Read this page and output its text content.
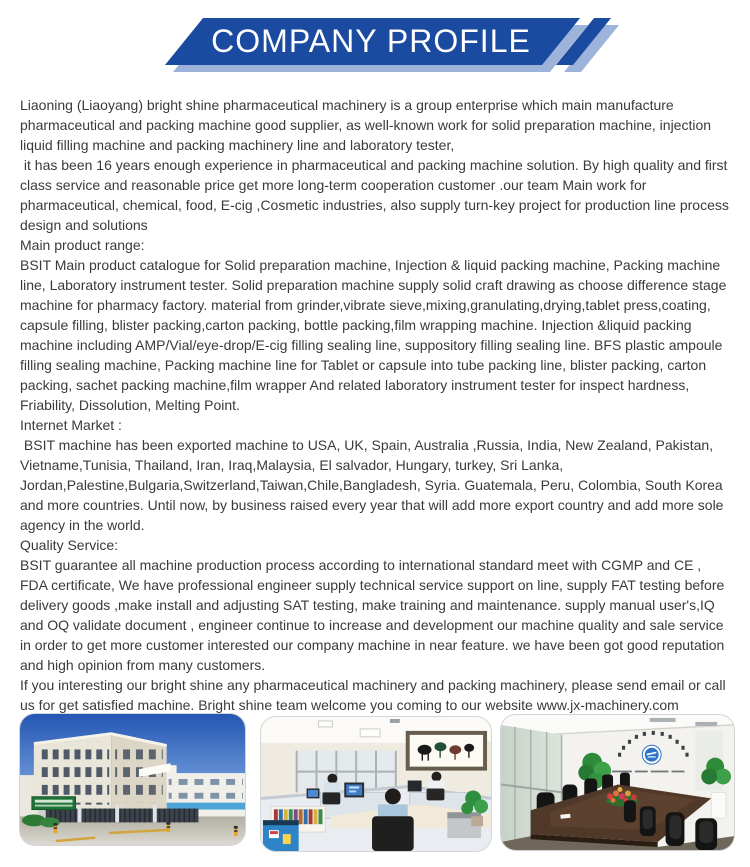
COMPANY PROFILE

Liaoning (Liaoyang) bright shine pharmaceutical machinery is a group enterprise which main manufacture pharmaceutical and packing machine good supplier, as well-known work for solid preparation machine, injection liquid filling machine and packing machinery line and laboratory tester,

it has been 16 years enough experience in pharmaceutical and packing machine solution. By high quality and first class service and reasonable price get more long-term cooperation customer .our team Main work for pharmaceutical, chemical, food, E-cig ,Cosmetic industries, also supply turn-key project for production line process design and solutions

Main product range:

BSIT Main product catalogue for Solid preparation machine, Injection & liquid packing machine, Packing machine line, Laboratory instrument tester. Solid preparation machine supply solid craft drawing as choose difference stage machine for pharmacy factory. material from grinder,vibrate sieve,mixing,granulating,drying,tablet press,coating, capsule filling, blister packing,carton packing, bottle packing,film wrapping machine. Injection &liquid packing machine including AMP/Vial/eye-drop/E-cig filling sealing line, suppository filling sealing line. BFS plastic ampoule filling sealing machine, Packing machine line for Tablet or capsule into tube packing line, blister packing, carton packing, sachet packing machine,film wrapper And related laboratory instrument tester for inspect hardness, Friability, Dissolution, Melting Point.

Internet Market :

BSIT machine has been exported machine to USA, UK, Spain, Australia ,Russia, India, New Zealand, Pakistan, Vietname,Tunisia, Thailand, Iran, Iraq,Malaysia, El salvador, Hungary, turkey, Sri Lanka,

Jordan,Palestine,Bulgaria,Switzerland,Taiwan,Chile,Bangladesh, Syria. Guatemala, Peru, Colombia, South Korea and more countries. Until now, by business raised every year that will add more export country and add more sole agency in the world.

Quality Service:

BSIT guarantee all machine production process according to international standard meet with CGMP and CE , FDA certificate, We have professional engineer supply technical service support on line, supply FAT testing before delivery goods ,make install and adjusting SAT testing, make training and maintenance. supply manual user's,IQ and OQ validate document , engineer continue to increase and development our machine quality and sale service in order to get more customer interested our company machine in near feature. we have been got good reputation and high opinion from many customers.

If you interesting our bright shine any pharmaceutical machinery and packing machinery, please send email or call us for get satisfied machine. Bright shine team welcome you coming to our website www.jx-machinery.com
